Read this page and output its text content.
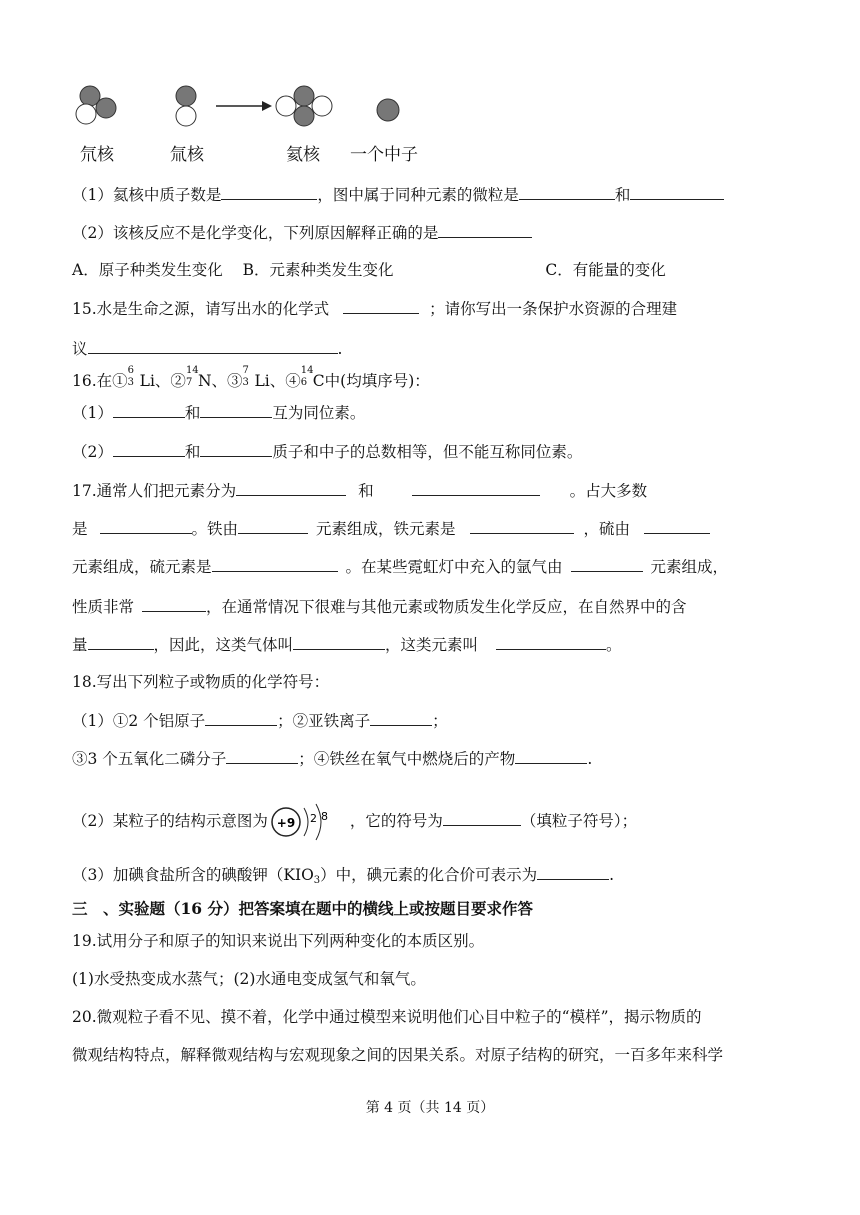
氘核	氚核	氦核 一个中子
（1）氦核中质子数是	，图中属于同种元素的微粒是	和
（2）该核反应不是化学变化，下列原因解释正确的是
A．原子种类发生变化 B．元素种类发生变化	C．有能量的变化
15.水是生命之源，请写出水的化学式	；请你写出一条保护水资源的合理建
议	.
16.在①
6
3 Li、②
14
7 N、③
7
3 Li、④
14
6 C中(均填序号)：
（1）	和	互为同位素。
（2）	和	质子和中子的总数相等，但不能互称同位素。
17.通常人们把元素分为	和	。占大多数
是	。铁由	元素组成，铁元素是	，硫由
元素组成，硫元素是	。在某些霓虹灯中充入的氩气由	元素组成，
性质非常	，在通常情况下很难与其他元素或物质发生化学反应，在自然界中的含
量	，因此，这类气体叫	，这类元素叫	。
18.写出下列粒子或物质的化学符号：
（1）①2 个铝原子	；②亚铁离子	；
③3 个五氧化二磷分子	；④铁丝在氧气中燃烧后的产物	.
（2）某粒子的结构示意图为 +9 2 8 ，它的符号为	（填粒子符号）；
（3）加碘食盐所含的碘酸钾（KIO3）中，碘元素的化合价可表示为	.
三　、实验题（16 分）把答案填在题中的横线上或按题目要求作答
19.试用分子和原子的知识来说出下列两种变化的本质区别。
(1)水受热变成水蒸气；(2)水通电变成氢气和氧气。
20.微观粒子看不见、摸不着，化学中通过模型来说明他们心目中粒子的“模样”，揭示物质的
微观结构特点，解释微观结构与宏观现象之间的因果关系。对原子结构的研究，一百多年来科学
第 4 页（共 14 页）
